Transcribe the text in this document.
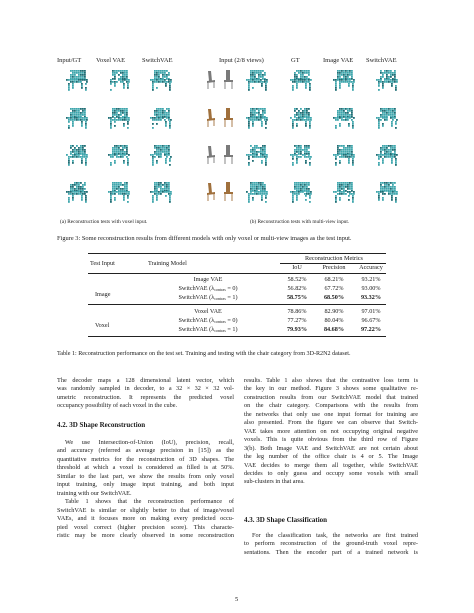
Input/GT Voxel VAE	SwitchVAE	Input (2/8 views)	GT	Image VAE SwitchVAE
(a) Reconstruction tests with voxel input.	(b) Reconstruction tests with multi-view input.
Figure 3: Some reconstruction results from different models with only voxel or multi-view images as the test input.
Test Input	Training Model
Reconstruction Metrics
IoU	Precision Accuracy
Image
Image VAE	58.52%	68.21%	93.21%
SwitchVAE $(\lambda_{contras} = 0)$	56.82%	67.72%	93.00%
SwitchVAE $(\lambda_{contras} = 1)$	58.75%	68.50%	93.32%
Voxel
Voxel VAE	78.86%	82.90%	97.01%
SwitchVAE $(\lambda_{contras} = 0)$	77.27%	80.04%	96.67%
SwitchVAE $(\lambda_{contras} = 1)$	79.93%	84.68%	97.22%
Table 1: Reconstruction performance on the test set. Training and testing with the chair category from 3D-R2N2 dataset.

The decoder maps a 128 dimensional latent vector, which
was randomly sampled in decoder, to a 32 × 32 × 32 vol-
umetric reconstruction. It represents the predicted voxel
occupancy possibility of each voxel in the cube.

4.2. 3D Shape Reconstruction

We use Intersection-of-Union (IoU), precision, recall,
and accuracy (referred as average precision in [15]) as the
quantitative metrics for the reconstruction of 3D shapes. The
threshold at which a voxel is considered as filled is at 50%.
Similar to the last part, we show the results from only voxel
input training, only image input training, and both input
training with our SwitchVAE.

Table 1 shows that the reconstruction performance of
SwitchVAE is similar or slightly better to that of image/voxel
VAEs, and it focuses more on making every predicted occu-
pied voxel correct (higher precision score). This characte-
ristic may be more clearly observed in some reconstruction

results. Table 1 also shows that the contrastive loss term is
the key in our method. Figure 3 shows some qualitative re-
construction results from our SwitchVAE model that trained
on the chair category. Comparisons with the results from
the networks that only use one input format for training are
also presented. From the figure we can observe that Switch-
VAE takes more attention on not occupying original negative
voxels. This is quite obvious from the third row of Figure
3(b). Both Image VAE and SwitchVAE are not certain about
the leg number of the office chair is 4 or 5. The Image
VAE decides to merge them all together, while SwitchVAE
decides to only guess and occupy some voxels with small
sub-clusters in that area.

4.3. 3D Shape Classification

For the classification task, the networks are first trained
to perform reconstruction of the ground-truth voxel repre-
sentations. Then the encoder part of a trained network is

5
